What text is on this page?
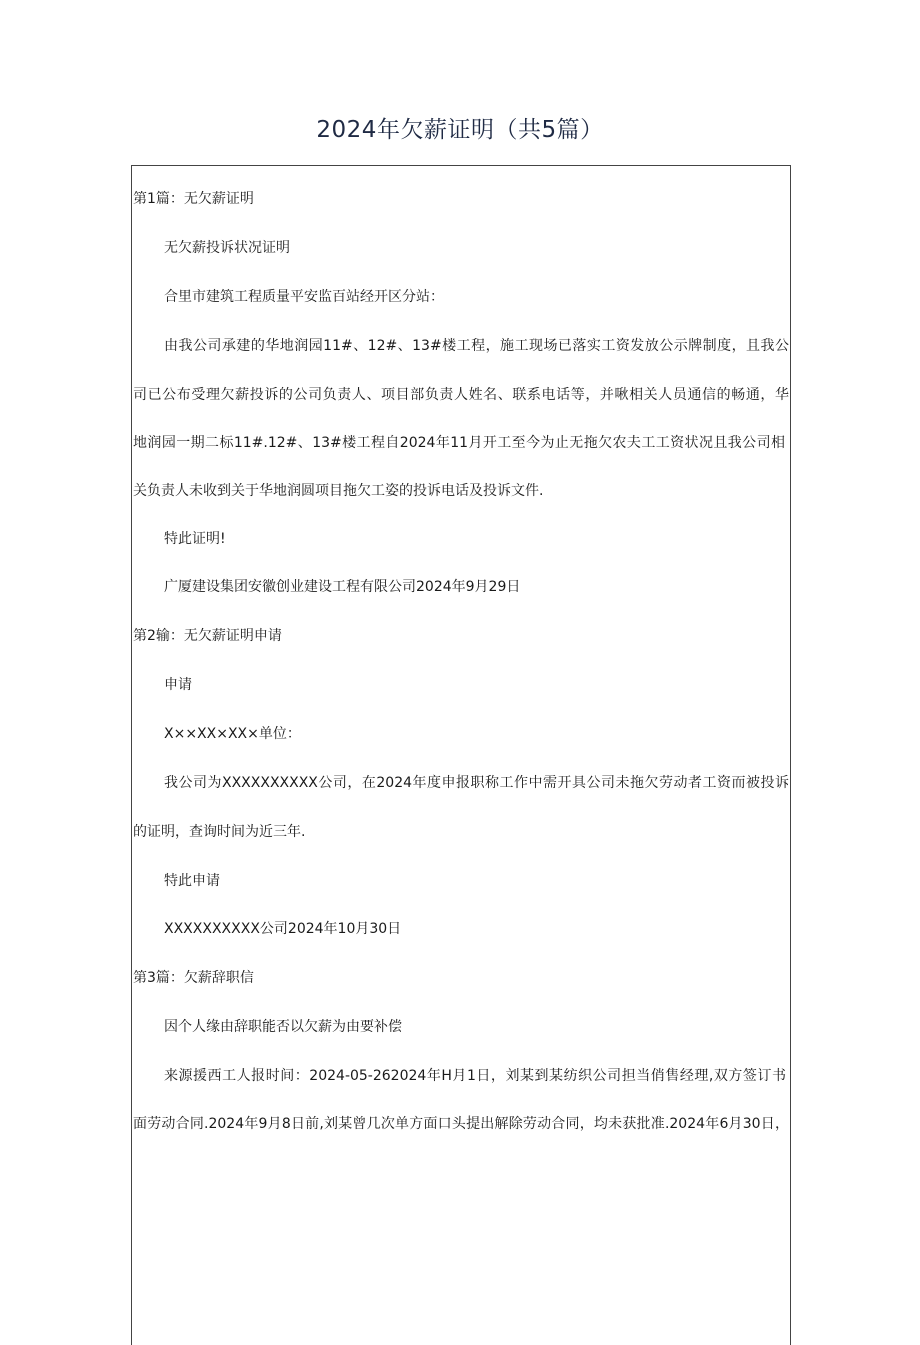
2024年欠薪证明（共5篇）
第1篇：无欠薪证明
无欠薪投诉状况证明
合里市建筑工程质量平安监百站经开区分站：
由我公司承建的华地润园11#、12#、13#楼工程，施工现场已落实工资发放公示牌制度，且我公
司已公布受理欠薪投诉的公司负责人、项目部负责人姓名、联系电话等，并啾相关人员通信的畅通，华
地润园一期二标11#.12#、13#楼工程自2024年11月开工至今为止无拖欠农夫工工资状况且我公司相
关负责人未收到关于华地润圆项目拖欠工姿的投诉电话及投诉文件.
特此证明!
广厦建设集团安徽创业建设工程有限公司2024年9月29日
第2输：无欠薪证明申请
申请
X××XX×XX×单位：
我公司为XXXXXXXXXX公司，在2024年度申报职称工作中需开具公司未拖欠劳动者工资而被投诉
的证明，查询时间为近三年.
特此申请
XXXXXXXXXX公司2024年10月30日
第3篇：欠薪辞职信
因个人缘由辞职能否以欠薪为由要补偿
来源援西工人报时间：2024-05-262024年H月1日，刘某到某纺织公司担当俏售经理,双方签订书
面劳动合同.2024年9月8日前,刘某曾几次单方面口头提出解除劳动合同，均未获批准.2024年6月30日，
